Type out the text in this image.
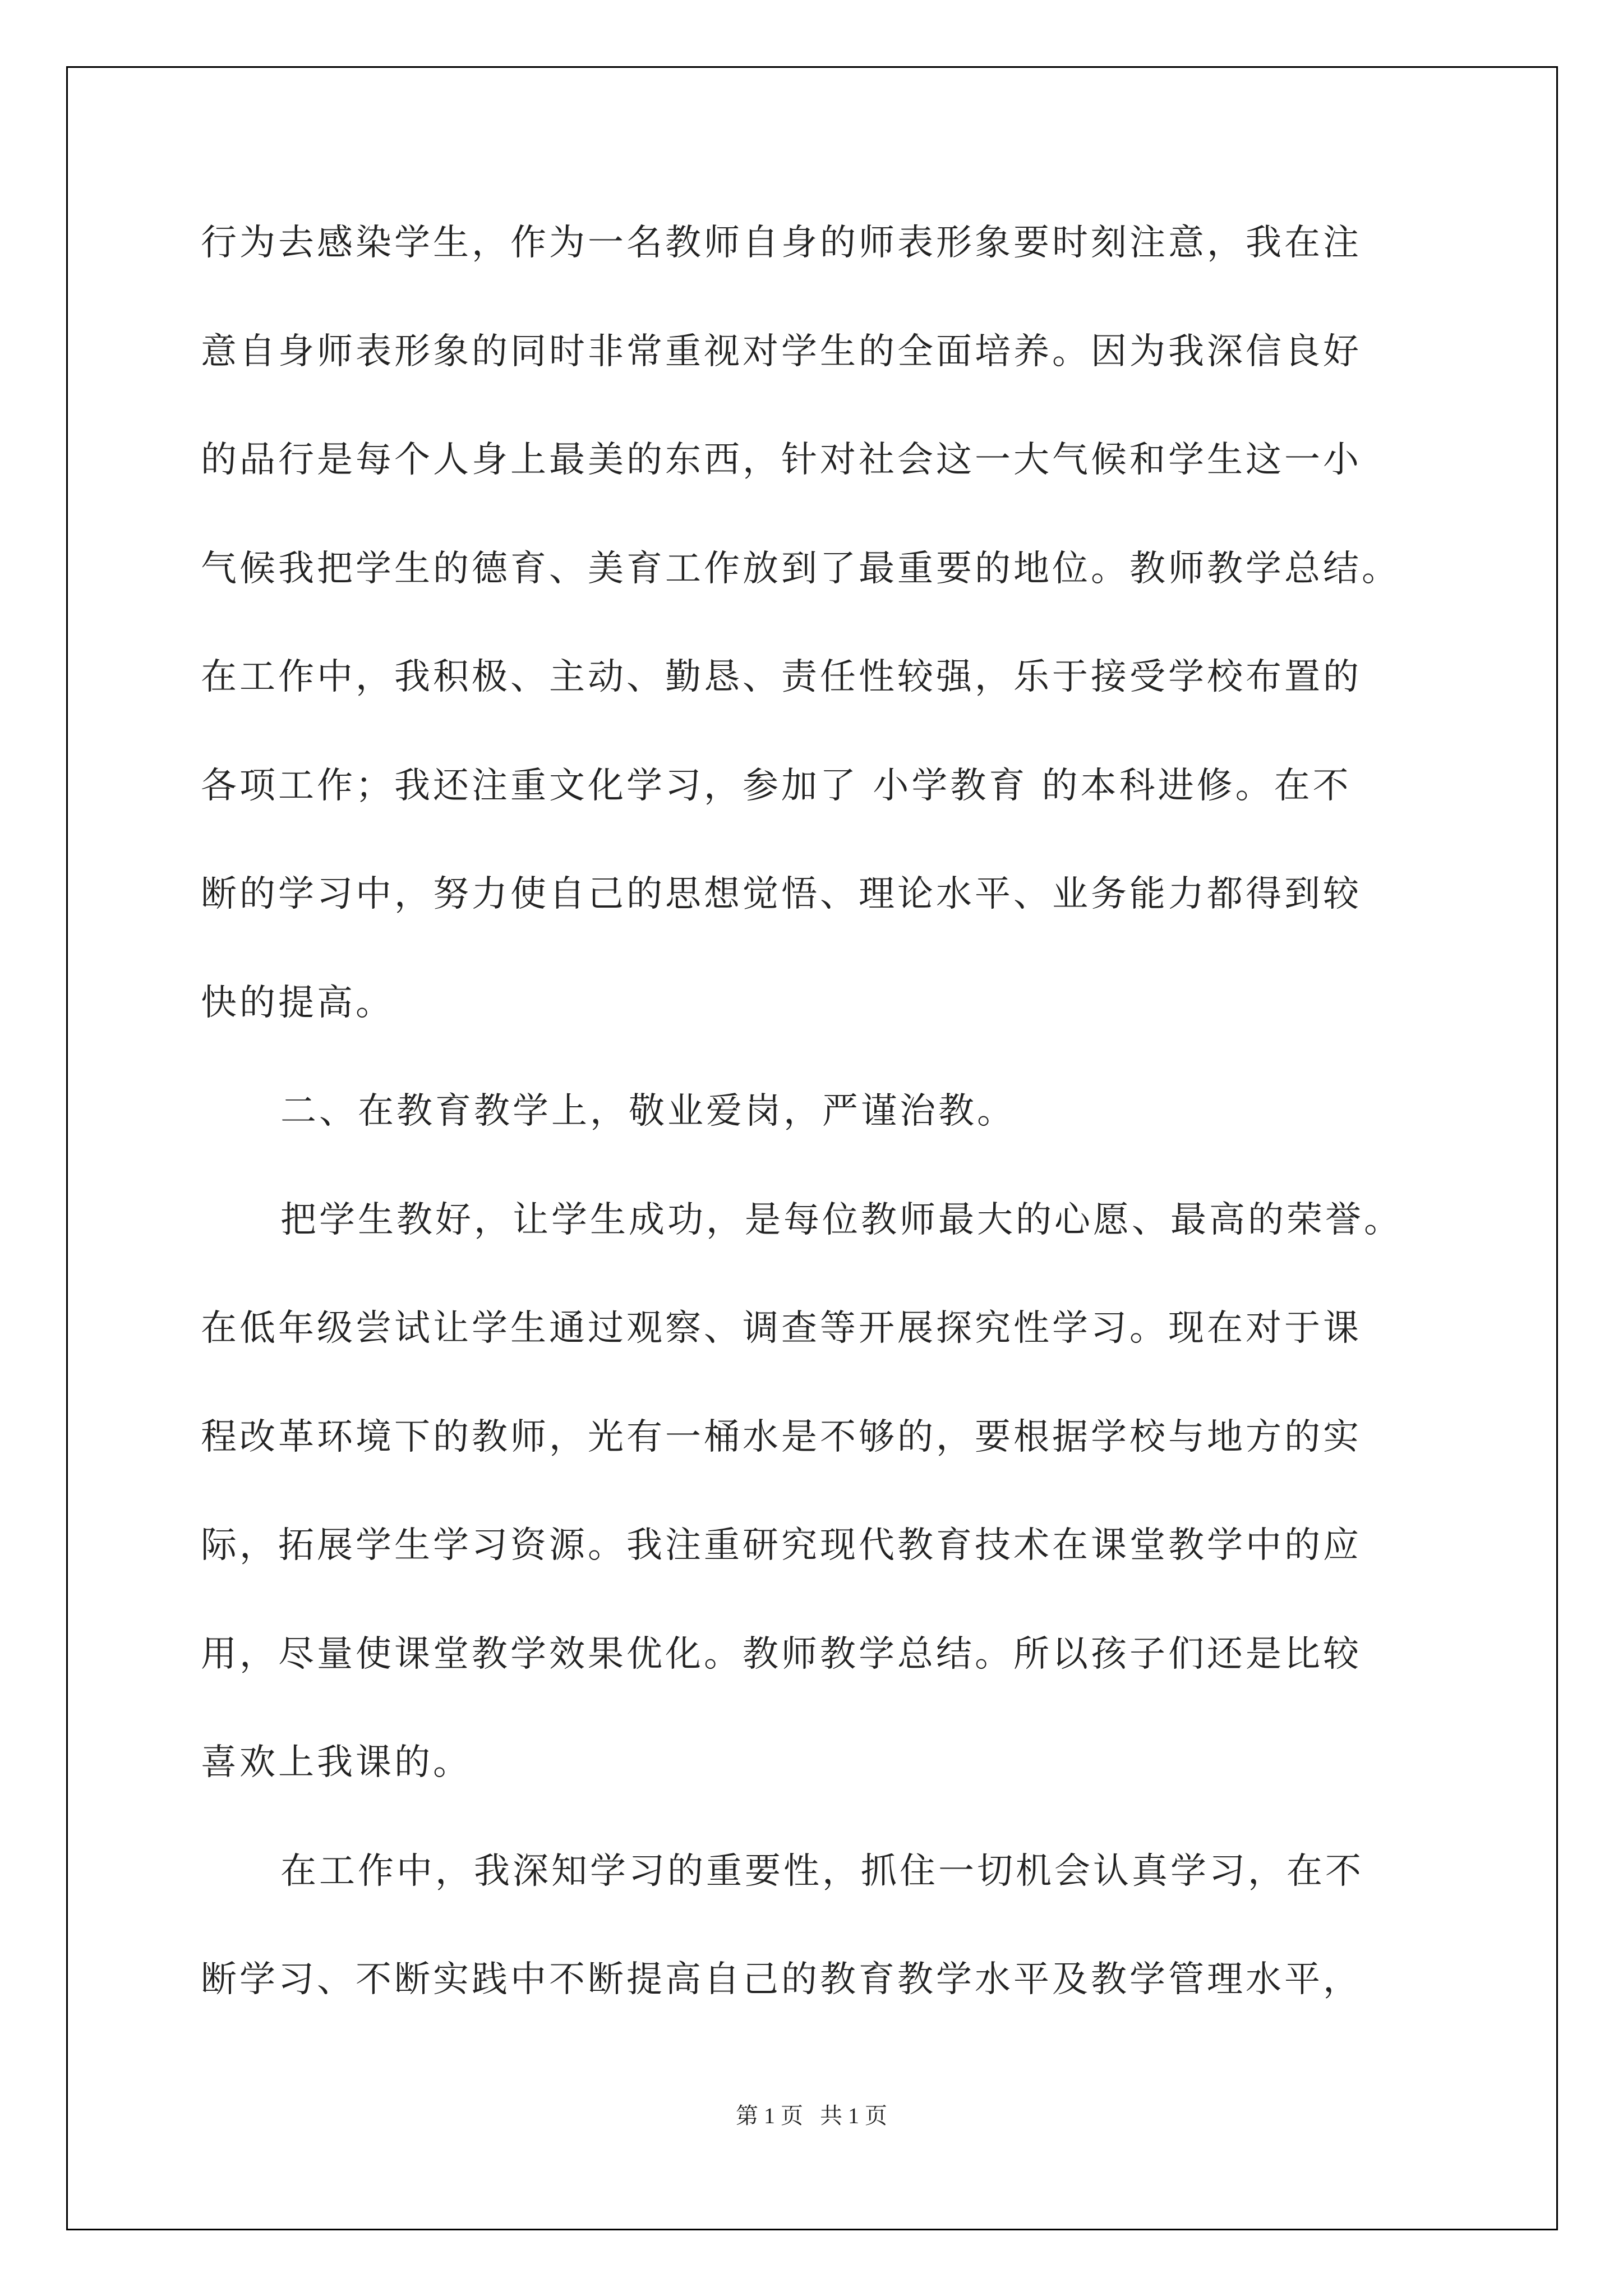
行为去感染学生，作为一名教师自身的师表形象要时刻注意，我在注
意自身师表形象的同时非常重视对学生的全面培养。因为我深信良好
的品行是每个人身上最美的东西，针对社会这一大气候和学生这一小
气候我把学生的德育、美育工作放到了最重要的地位。教师教学总结。
在工作中，我积极、主动、勤恳、责任性较强，乐于接受学校布置的
各项工作；我还注重文化学习，参加了 小学教育 的本科进修。在不
断的学习中，努力使自己的思想觉悟、理论水平、业务能力都得到较
快的提高。
二、在教育教学上，敬业爱岗，严谨治教。
把学生教好，让学生成功，是每位教师最大的心愿、最高的荣誉。
在低年级尝试让学生通过观察、调查等开展探究性学习。现在对于课
程改革环境下的教师，光有一桶水是不够的，要根据学校与地方的实
际，拓展学生学习资源。我注重研究现代教育技术在课堂教学中的应
用，尽量使课堂教学效果优化。教师教学总结。所以孩子们还是比较
喜欢上我课的。
在工作中，我深知学习的重要性，抓住一切机会认真学习，在不
断学习、不断实践中不断提高自己的教育教学水平及教学管理水平，
第 1 页   共 1 页
